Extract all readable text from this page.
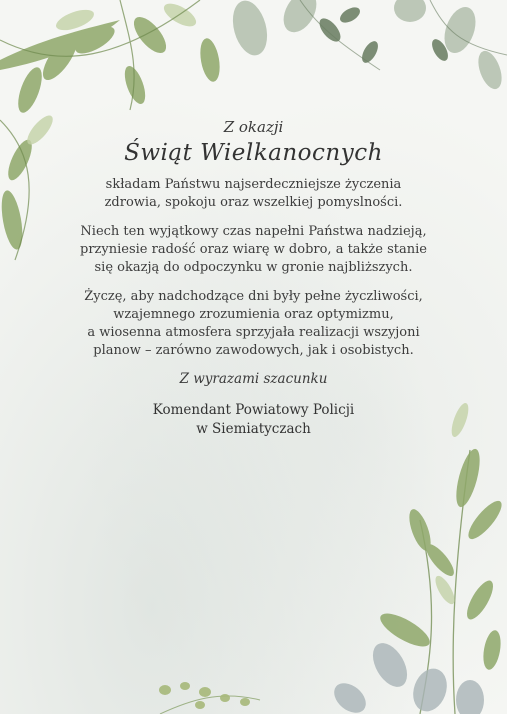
Z okazji

Świąt Wielkanocnych

składam Państwu najserdeczniejsze życzenia
zdrowia, spokoju oraz wszelkiej pomyslności.

Niech ten wyjątkowy czas napełni Państwa nadzieją,
przyniesie radość oraz wiarę w dobro, a także stanie
się okazją do odpoczynku w gronie najbliższych.

Życzę, aby nadchodzące dni były pełne życzliwości,
wzajemnego zrozumienia oraz optymizmu,
a wiosenna atmosfera sprzyjała realizacji wszyjoni
planow – zarówno zawodowych, jak i osobistych.

Z wyrazami szacunku

Komendant Powiatowy Policji
w Siemiatyczach
